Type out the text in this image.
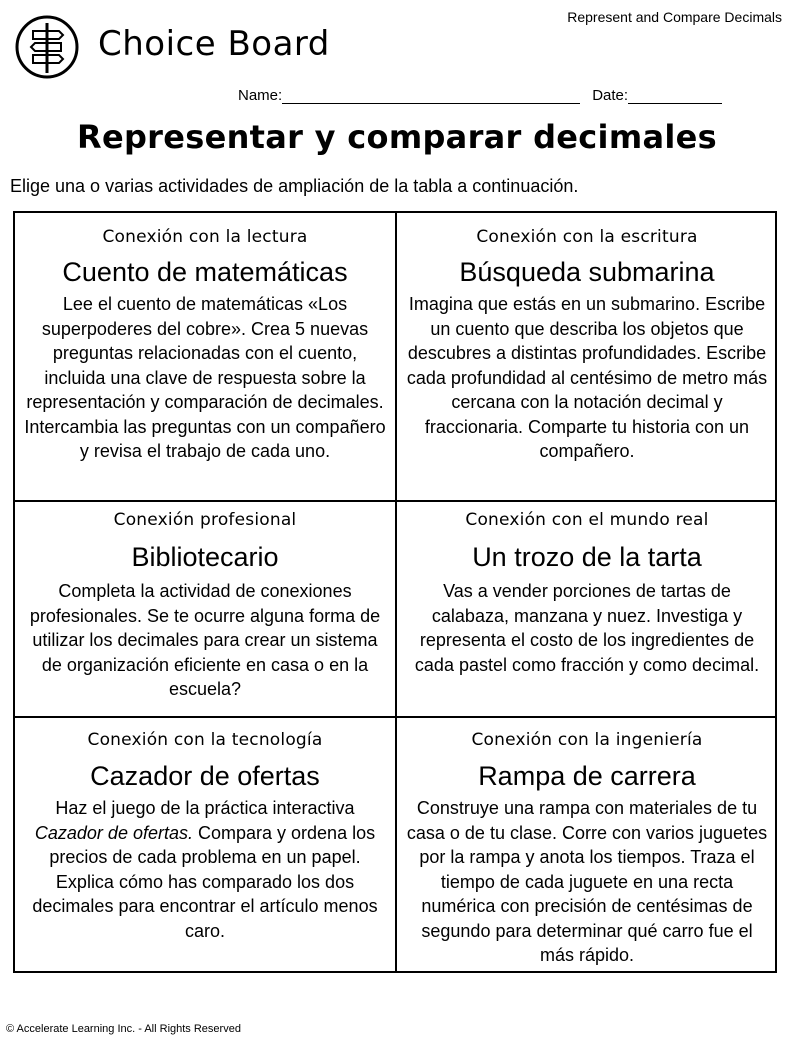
Represent and Compare Decimals
Choice Board
Name:	Date:
Representar y comparar decimales
Elige una o varias actividades de ampliación de la tabla a continuación.
Conexión con la lectura
Cuento de matemáticas
Lee el cuento de matemáticas «Los superpoderes del cobre». Crea 5 nuevas preguntas relacionadas con el cuento, incluida una clave de respuesta sobre la representación y comparación de decimales. Intercambia las preguntas con un compañero y revisa el trabajo de cada uno.
Conexión con la escritura
Búsqueda submarina
Imagina que estás en un submarino. Escribe un cuento que describa los objetos que descubres a distintas profundidades. Escribe cada profundidad al centésimo de metro más cercana con la notación decimal y fraccionaria. Comparte tu historia con un compañero.
Conexión profesional
Bibliotecario
Completa la actividad de conexiones profesionales. Se te ocurre alguna forma de utilizar los decimales para crear un sistema de organización eficiente en casa o en la escuela?
Conexión con el mundo real
Un trozo de la tarta
Vas a vender porciones de tartas de calabaza, manzana y nuez. Investiga y representa el costo de los ingredientes de cada pastel como fracción y como decimal.
Conexión con la tecnología
Cazador de ofertas
Haz el juego de la práctica interactiva Cazador de ofertas. Compara y ordena los precios de cada problema en un papel. Explica cómo has comparado los dos decimales para encontrar el artículo menos caro.
Conexión con la ingeniería
Rampa de carrera
Construye una rampa con materiales de tu casa o de tu clase. Corre con varios juguetes por la rampa y anota los tiempos. Traza el tiempo de cada juguete en una recta numérica con precisión de centésimas de segundo para determinar qué carro fue el más rápido.
© Accelerate Learning Inc. - All Rights Reserved
